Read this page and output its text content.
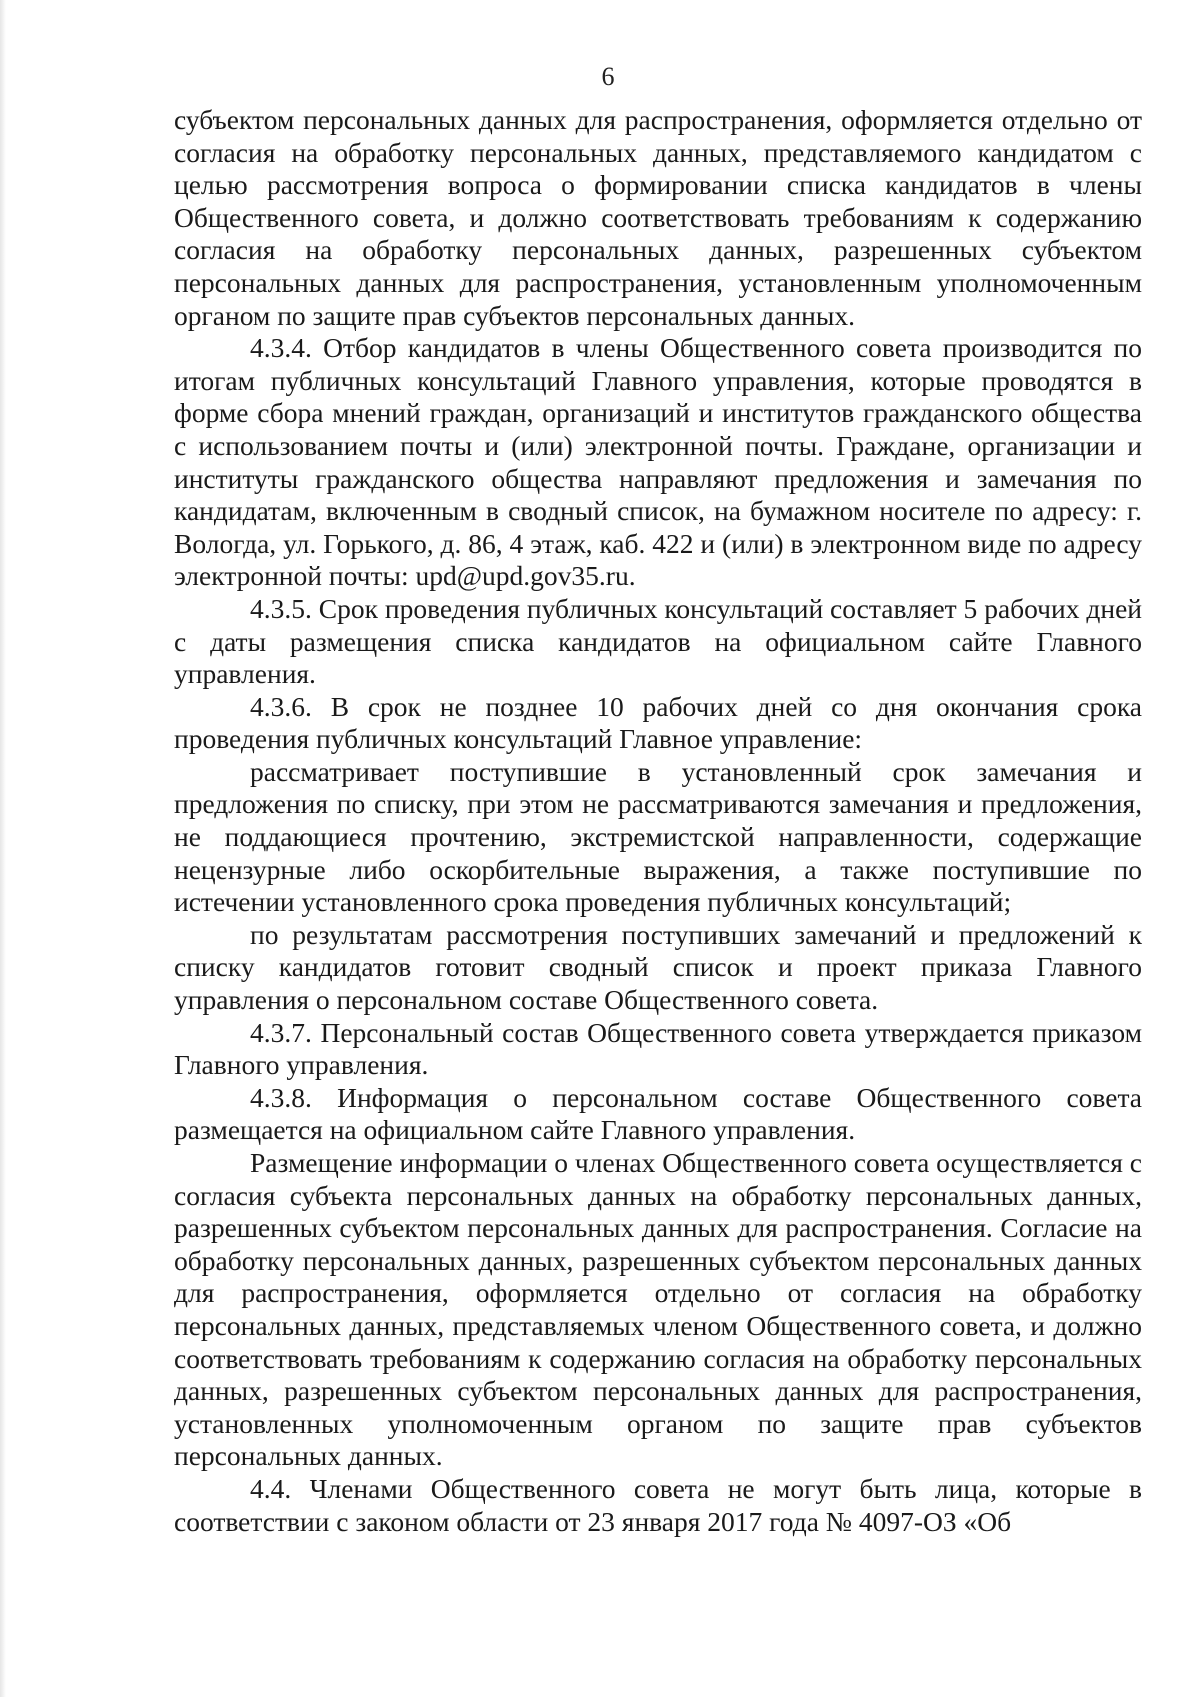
6

субъектом персональных данных для распространения, оформляется отдельно от согласия на обработку персональных данных, представляемого кандидатом с целью рассмотрения вопроса о формировании списка кандидатов в члены Общественного совета, и должно соответствовать требованиям к содержанию согласия на обработку персональных данных, разрешенных субъектом персональных данных для распространения, установленным уполномоченным органом по защите прав субъектов персональных данных.

4.3.4. Отбор кандидатов в члены Общественного совета производится по итогам публичных консультаций Главного управления, которые проводятся в форме сбора мнений граждан, организаций и институтов гражданского общества с использованием почты и (или) электронной почты. Граждане, организации и институты гражданского общества направляют предложения и замечания по кандидатам, включенным в сводный список, на бумажном носителе по адресу: г. Вологда, ул. Горького, д. 86, 4 этаж, каб. 422 и (или) в электронном виде по адресу электронной почты: upd@upd.gov35.ru.

4.3.5. Срок проведения публичных консультаций составляет 5 рабочих дней с даты размещения списка кандидатов на официальном сайте Главного управления.

4.3.6. В срок не позднее 10 рабочих дней со дня окончания срока проведения публичных консультаций Главное управление:

рассматривает поступившие в установленный срок замечания и предложения по списку, при этом не рассматриваются замечания и предложения, не поддающиеся прочтению, экстремистской направленности, содержащие нецензурные либо оскорбительные выражения, а также поступившие по истечении установленного срока проведения публичных консультаций;

по результатам рассмотрения поступивших замечаний и предложений к списку кандидатов готовит сводный список и проект приказа Главного управления о персональном составе Общественного совета.

4.3.7. Персональный состав Общественного совета утверждается приказом Главного управления.

4.3.8. Информация о персональном составе Общественного совета размещается на официальном сайте Главного управления.

Размещение информации о членах Общественного совета осуществляется с согласия субъекта персональных данных на обработку персональных данных, разрешенных субъектом персональных данных для распространения. Согласие на обработку персональных данных, разрешенных субъектом персональных данных для распространения, оформляется отдельно от согласия на обработку персональных данных, представляемых членом Общественного совета, и должно соответствовать требованиям к содержанию согласия на обработку персональных данных, разрешенных субъектом персональных данных для распространения, установленных уполномоченным органом по защите прав субъектов персональных данных.

4.4. Членами Общественного совета не могут быть лица, которые в соответствии с законом области от 23 января 2017 года № 4097-ОЗ «Об
